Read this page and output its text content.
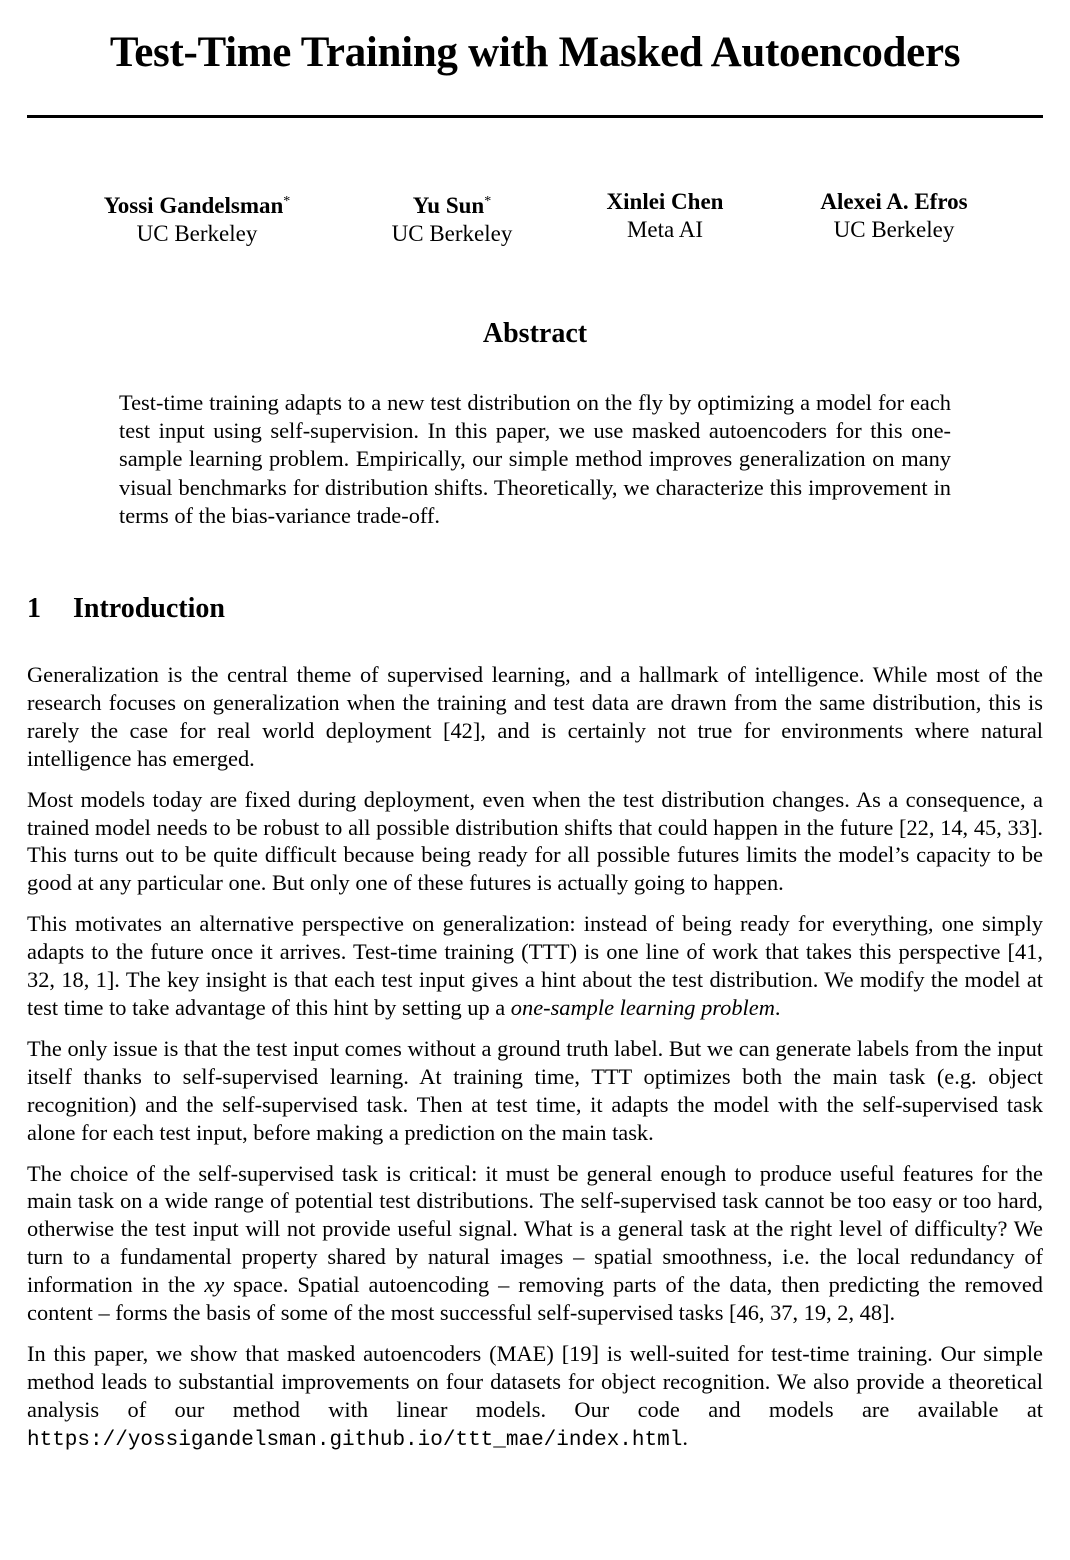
Test-Time Training with Masked Autoencoders
Yossi Gandelsman*
UC Berkeley
Yu Sun*
UC Berkeley
Xinlei Chen
Meta AI
Alexei A. Efros
UC Berkeley
Abstract
Test-time training adapts to a new test distribution on the fly by optimizing a model for each test input using self-supervision. In this paper, we use masked autoencoders for this one-sample learning problem. Empirically, our simple method improves generalization on many visual benchmarks for distribution shifts. Theoretically, we characterize this improvement in terms of the bias-variance trade-off.
1 Introduction

Generalization is the central theme of supervised learning, and a hallmark of intelligence. While most of the research focuses on generalization when the training and test data are drawn from the same distribution, this is rarely the case for real world deployment [42], and is certainly not true for environments where natural intelligence has emerged.

Most models today are fixed during deployment, even when the test distribution changes. As a consequence, a trained model needs to be robust to all possible distribution shifts that could happen in the future [22, 14, 45, 33]. This turns out to be quite difficult because being ready for all possible futures limits the model’s capacity to be good at any particular one. But only one of these futures is actually going to happen.

This motivates an alternative perspective on generalization: instead of being ready for everything, one simply adapts to the future once it arrives. Test-time training (TTT) is one line of work that takes this perspective [41, 32, 18, 1]. The key insight is that each test input gives a hint about the test distribution. We modify the model at test time to take advantage of this hint by setting up a one-sample learning problem.

The only issue is that the test input comes without a ground truth label. But we can generate labels from the input itself thanks to self-supervised learning. At training time, TTT optimizes both the main task (e.g. object recognition) and the self-supervised task. Then at test time, it adapts the model with the self-supervised task alone for each test input, before making a prediction on the main task.

The choice of the self-supervised task is critical: it must be general enough to produce useful features for the main task on a wide range of potential test distributions. The self-supervised task cannot be too easy or too hard, otherwise the test input will not provide useful signal. What is a general task at the right level of difficulty? We turn to a fundamental property shared by natural images – spatial smoothness, i.e. the local redundancy of information in the xy space. Spatial autoencoding – removing parts of the data, then predicting the removed content – forms the basis of some of the most successful self-supervised tasks [46, 37, 19, 2, 48].

In this paper, we show that masked autoencoders (MAE) [19] is well-suited for test-time training. Our simple method leads to substantial improvements on four datasets for object recognition. We also provide a theoretical analysis of our method with linear models. Our code and models are available at https://yossigandelsman.github.io/ttt_mae/index.html.
